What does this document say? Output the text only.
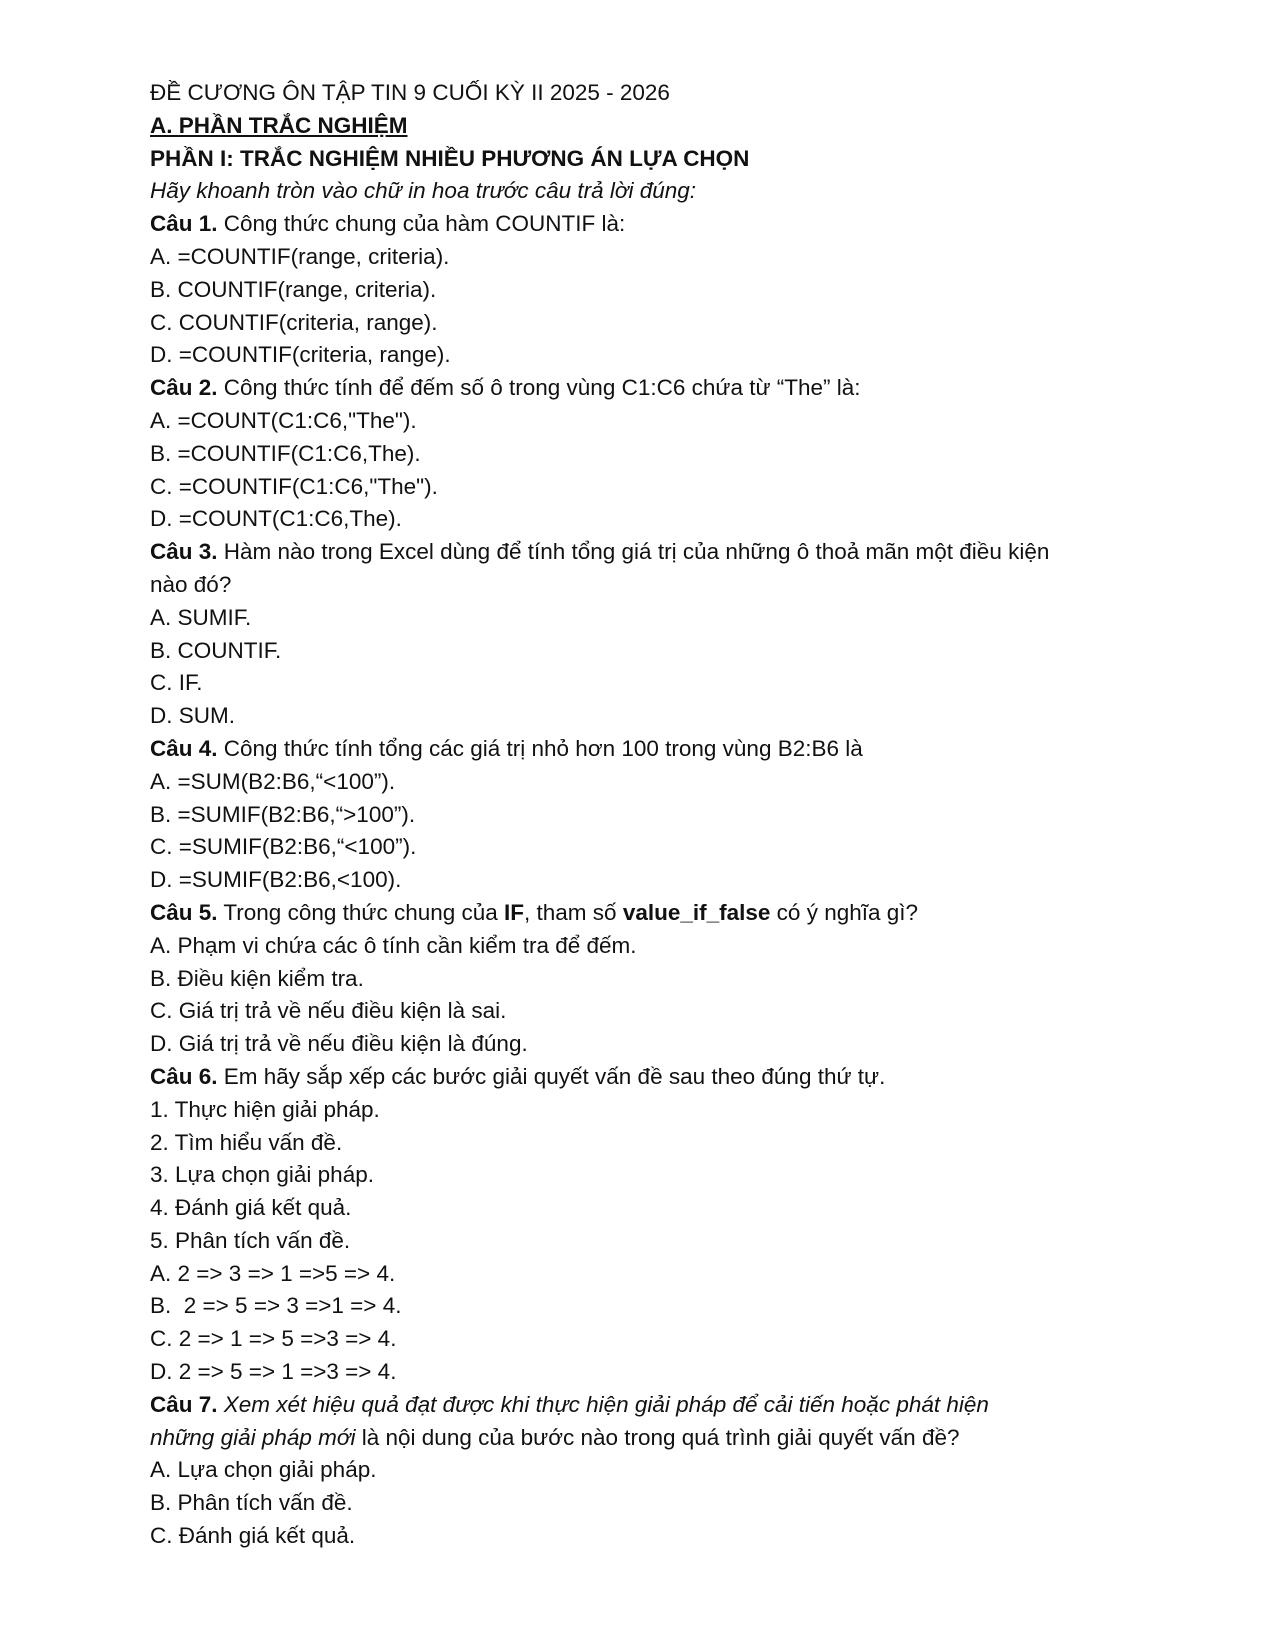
ĐỀ CƯƠNG ÔN TẬP TIN 9 CUỐI KỲ II 2025 - 2026
A. PHẦN TRẮC NGHIỆM
PHẦN I: TRẮC NGHIỆM NHIỀU PHƯƠNG ÁN LỰA CHỌN
Hãy khoanh tròn vào chữ in hoa trước câu trả lời đúng:
Câu 1. Công thức chung của hàm COUNTIF là:
A. =COUNTIF(range, criteria).
B. COUNTIF(range, criteria).
C. COUNTIF(criteria, range).
D. =COUNTIF(criteria, range).
Câu 2. Công thức tính để đếm số ô trong vùng C1:C6 chứa từ “The” là:
A. =COUNT(C1:C6,"The").
B. =COUNTIF(C1:C6,The).
C. =COUNTIF(C1:C6,"The").
D. =COUNT(C1:C6,The).
Câu 3. Hàm nào trong Excel dùng để tính tổng giá trị của những ô thoả mãn một điều kiện
nào đó?
A. SUMIF.
B. COUNTIF.
C. IF.
D. SUM.
Câu 4. Công thức tính tổng các giá trị nhỏ hơn 100 trong vùng B2:B6 là
A. =SUM(B2:B6,“<100”).
B. =SUMIF(B2:B6,“>100”).
C. =SUMIF(B2:B6,“<100”).
D. =SUMIF(B2:B6,<100).
Câu 5. Trong công thức chung của IF, tham số value_if_false có ý nghĩa gì?
A. Phạm vi chứa các ô tính cần kiểm tra để đếm.
B. Điều kiện kiểm tra.
C. Giá trị trả về nếu điều kiện là sai.
D. Giá trị trả về nếu điều kiện là đúng.
Câu 6. Em hãy sắp xếp các bước giải quyết vấn đề sau theo đúng thứ tự.
1. Thực hiện giải pháp.
2. Tìm hiểu vấn đề.
3. Lựa chọn giải pháp.
4. Đánh giá kết quả.
5. Phân tích vấn đề.
A. 2 => 3 => 1 =>5 => 4.
B.  2 => 5 => 3 =>1 => 4.
C. 2 => 1 => 5 =>3 => 4.
D. 2 => 5 => 1 =>3 => 4.
Câu 7. Xem xét hiệu quả đạt được khi thực hiện giải pháp để cải tiến hoặc phát hiện
những giải pháp mới là nội dung của bước nào trong quá trình giải quyết vấn đề?
A. Lựa chọn giải pháp.
B. Phân tích vấn đề.
C. Đánh giá kết quả.
